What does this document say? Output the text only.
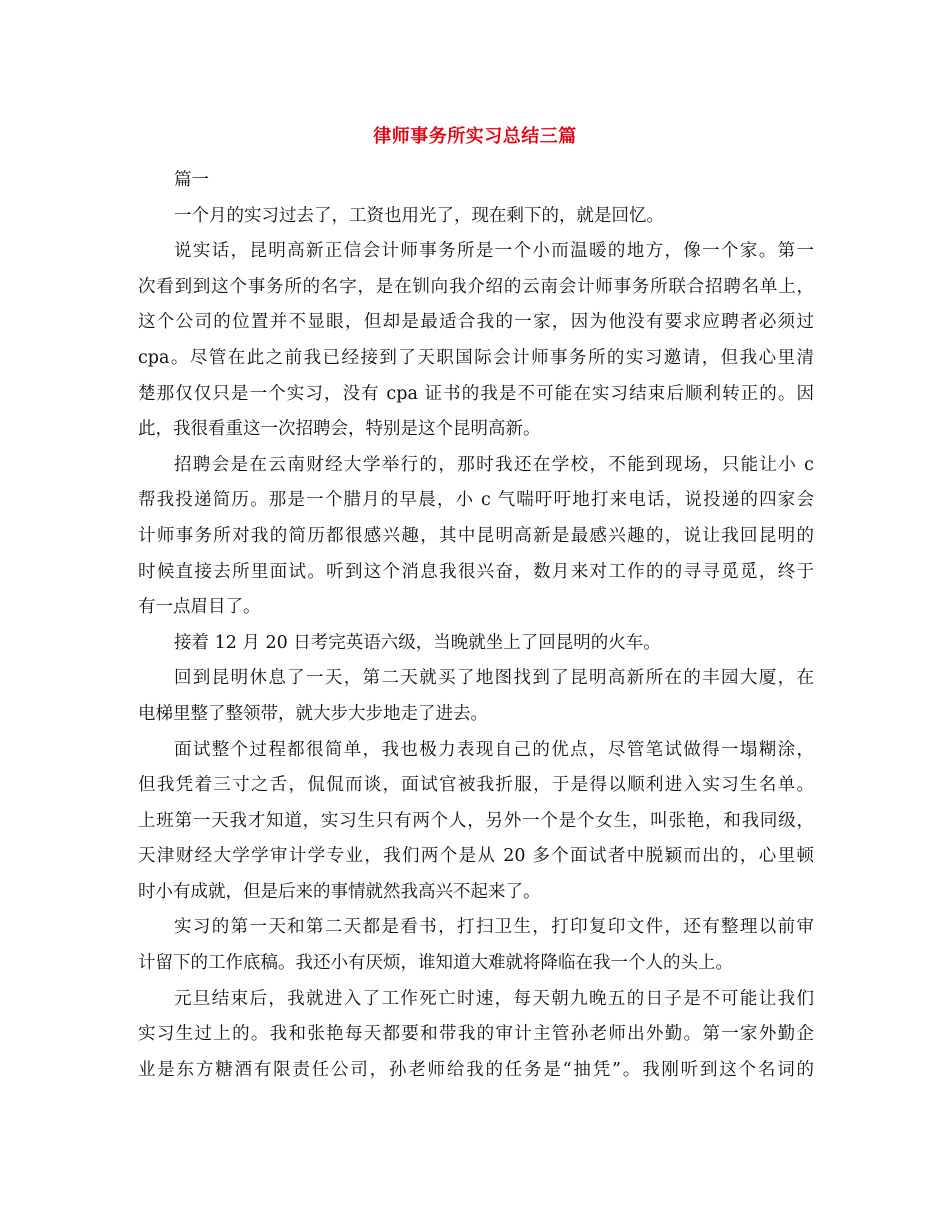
律师事务所实习总结三篇
篇一
一个月的实习过去了，工资也用光了，现在剩下的，就是回忆。
说实话，昆明高新正信会计师事务所是一个小而温暖的地方，像一个家。第一
次看到到这个事务所的名字，是在钏向我介绍的云南会计师事务所联合招聘名单上，
这个公司的位置并不显眼，但却是最适合我的一家，因为他没有要求应聘者必须过
cpa。尽管在此之前我已经接到了天职国际会计师事务所的实习邀请，但我心里清
楚那仅仅只是一个实习，没有 cpa 证书的我是不可能在实习结束后顺利转正的。因
此，我很看重这一次招聘会，特别是这个昆明高新。
招聘会是在云南财经大学举行的，那时我还在学校，不能到现场，只能让小 c
帮我投递简历。那是一个腊月的早晨，小 c 气喘吁吁地打来电话，说投递的四家会
计师事务所对我的简历都很感兴趣，其中昆明高新是最感兴趣的，说让我回昆明的
时候直接去所里面试。听到这个消息我很兴奋，数月来对工作的的寻寻觅觅，终于
有一点眉目了。
接着 12 月 20 日考完英语六级，当晚就坐上了回昆明的火车。
回到昆明休息了一天，第二天就买了地图找到了昆明高新所在的丰园大厦，在
电梯里整了整领带，就大步大步地走了进去。
面试整个过程都很简单，我也极力表现自己的优点，尽管笔试做得一塌糊涂，
但我凭着三寸之舌，侃侃而谈，面试官被我折服，于是得以顺利进入实习生名单。
上班第一天我才知道，实习生只有两个人，另外一个是个女生，叫张艳，和我同级，
天津财经大学学审计学专业，我们两个是从 20 多个面试者中脱颖而出的，心里顿
时小有成就，但是后来的事情就然我高兴不起来了。
实习的第一天和第二天都是看书，打扫卫生，打印复印文件，还有整理以前审
计留下的工作底稿。我还小有厌烦，谁知道大难就将降临在我一个人的头上。
元旦结束后，我就进入了工作死亡时速，每天朝九晚五的日子是不可能让我们
实习生过上的。我和张艳每天都要和带我的审计主管孙老师出外勤。第一家外勤企
业是东方糖酒有限责任公司，孙老师给我的任务是“抽凭”。我刚听到这个名词的
